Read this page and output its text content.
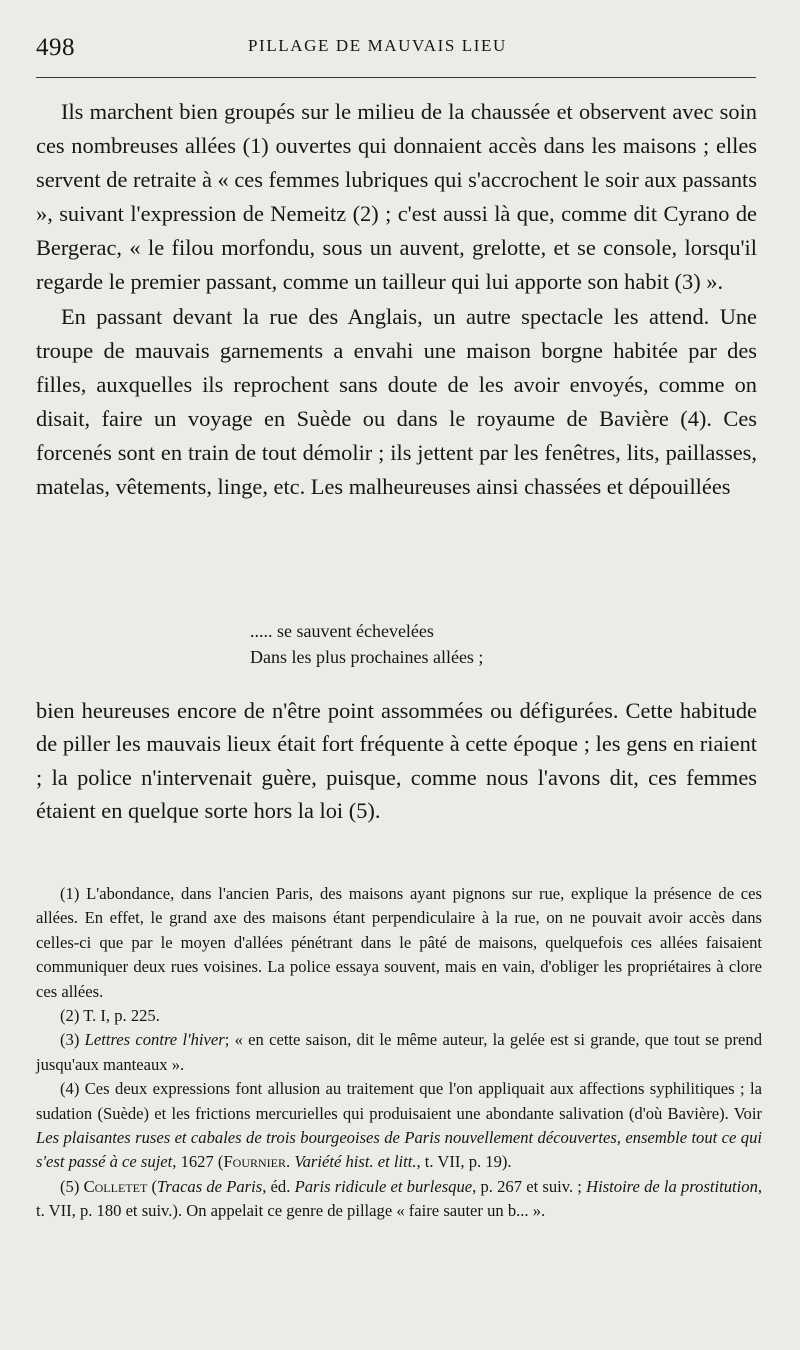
498	PILLAGE DE MAUVAIS LIEU

Ils marchent bien groupés sur le milieu de la chaussée et observent avec soin ces nombreuses allées (1) ouvertes qui donnaient accès dans les maisons ; elles servent de retraite à « ces femmes lubriques qui s'accrochent le soir aux passants », suivant l'expression de Nemeitz (2) ; c'est aussi là que, comme dit Cyrano de Bergerac, « le filou morfondu, sous un auvent, grelotte, et se console, lorsqu'il regarde le premier passant, comme un tailleur qui lui apporte son habit (3) ».

En passant devant la rue des Anglais, un autre spectacle les attend. Une troupe de mauvais garnements a envahi une maison borgne habitée par des filles, auxquelles ils reprochent sans doute de les avoir envoyés, comme on disait, faire un voyage en Suède ou dans le royaume de Bavière (4). Ces forcenés sont en train de tout démolir ; ils jettent par les fenêtres, lits, paillasses, matelas, vêtements, linge, etc. Les malheureuses ainsi chassées et dépouillées

..... se sauvent échevelées
Dans les plus prochaines allées ;

bien heureuses encore de n'être point assommées ou défigurées. Cette habitude de piller les mauvais lieux était fort fréquente à cette époque ; les gens en riaient ; la police n'intervenait guère, puisque, comme nous l'avons dit, ces femmes étaient en quelque sorte hors la loi (5).

(1) L'abondance, dans l'ancien Paris, des maisons ayant pignons sur rue, explique la présence de ces allées. En effet, le grand axe des maisons étant perpendiculaire à la rue, on ne pouvait avoir accès dans celles-ci que par le moyen d'allées pénétrant dans le pâté de maisons, quelquefois ces allées faisaient communiquer deux rues voisines. La police essaya souvent, mais en vain, d'obliger les propriétaires à clore ces allées.

(2) T. I, p. 225.

(3) Lettres contre l'hiver; « en cette saison, dit le même auteur, la gelée est si grande, que tout se prend jusqu'aux manteaux ».

(4) Ces deux expressions font allusion au traitement que l'on appliquait aux affections syphilitiques ; la sudation (Suède) et les frictions mercurielles qui produisaient une abondante salivation (d'où Bavière). Voir Les plaisantes ruses et cabales de trois bourgeoises de Paris nouvellement découvertes, ensemble tout ce qui s'est passé à ce sujet, 1627 (Fournier. Variété hist. et litt., t. VII, p. 19).

(5) Colletet (Tracas de Paris, éd. Paris ridicule et burlesque, p. 267 et suiv. ; Histoire de la prostitution, t. VII, p. 180 et suiv.). On appelait ce genre de pillage « faire sauter un b... ».
